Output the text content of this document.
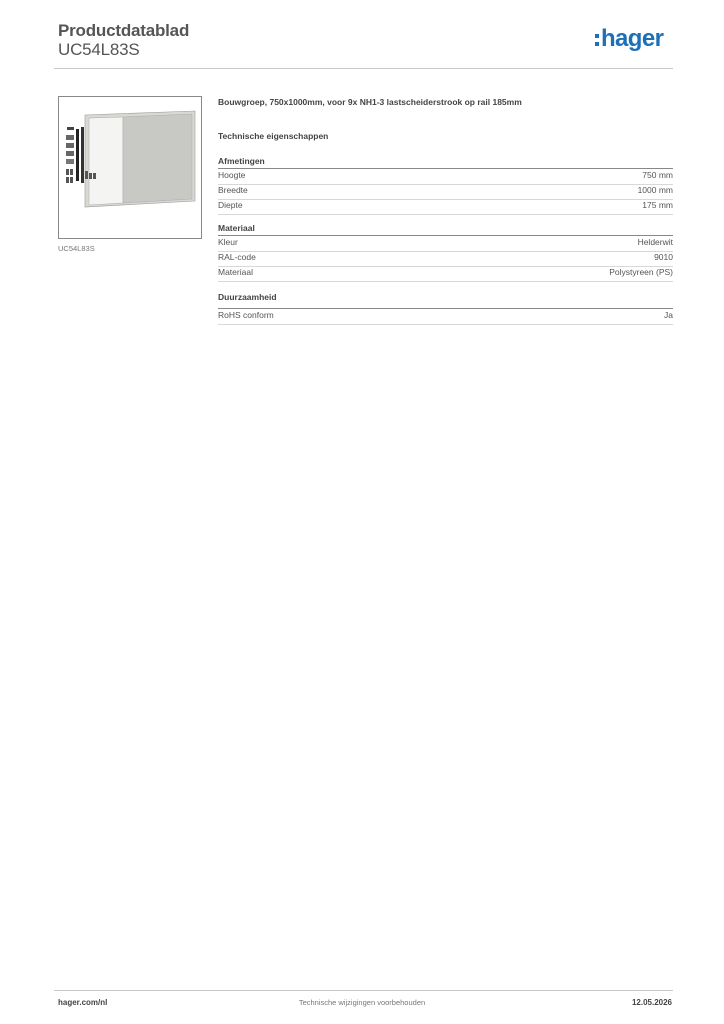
Productdatablad
UC54L83S	hager
UC54L83S
Bouwgroep, 750x1000mm, voor 9x NH1-3 lastscheiderstrook op rail 185mm
Technische eigenschappen
Afmetingen
Hoogte	750 mm
Breedte	1000 mm
Diepte	175 mm
Materiaal
Kleur	Helderwit
RAL-code	9010
Materiaal	Polystyreen (PS)
Duurzaamheid
RoHS conform	Ja
hager.com/nl	Technische wijzigingen voorbehouden	12.05.2026
